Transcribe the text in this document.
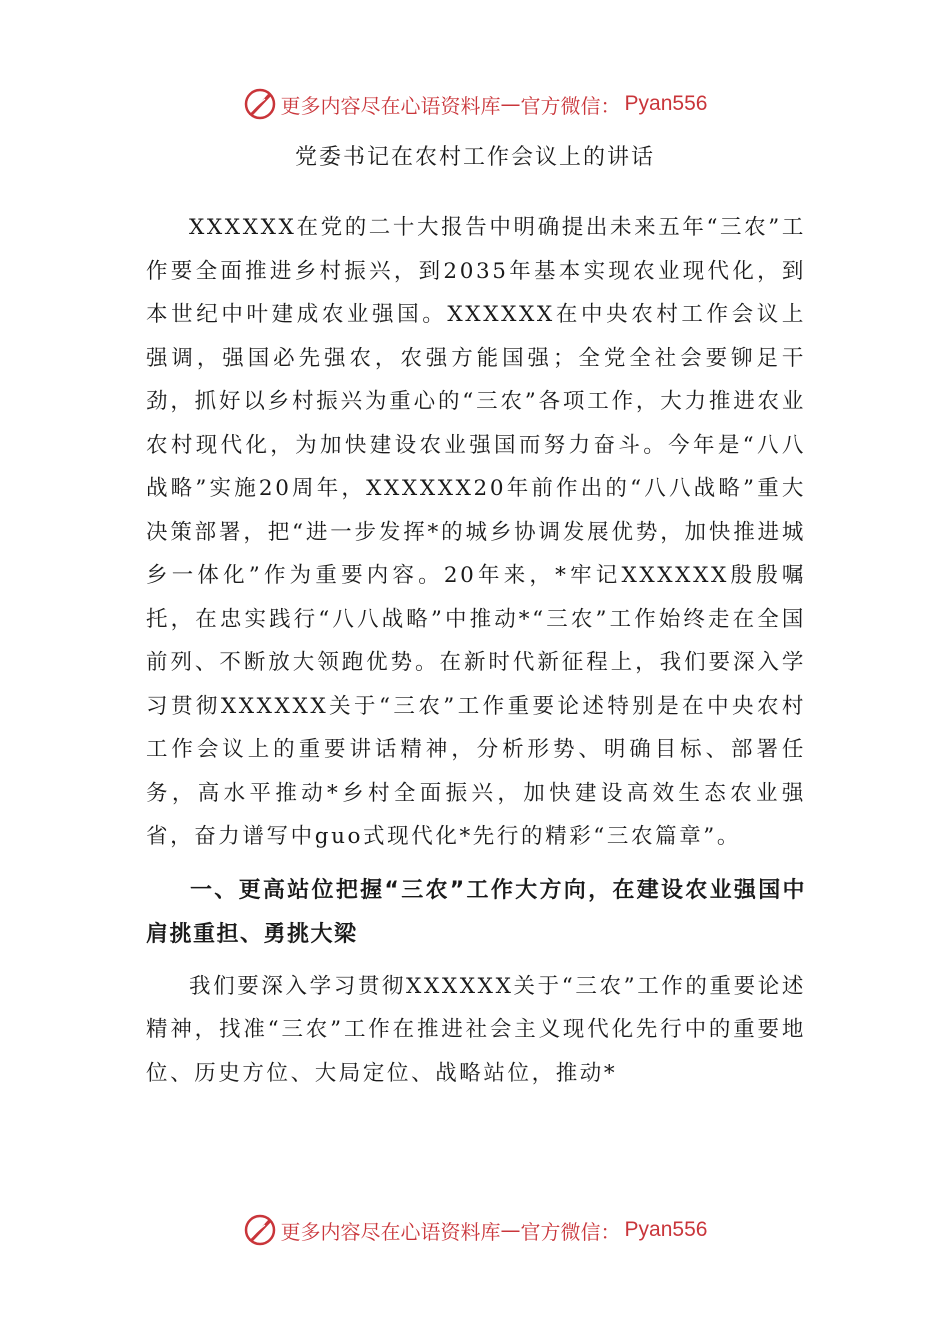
更多内容尽在心语资料库 — 官方微信： Pyan556
党委书记在农村工作会议上的讲话

XXXXXX在党的二十大报告中明确提出未来五年“三农”工作要全面推进乡村振兴，到2035年基本实现农业现代化，到本世纪中叶建成农业强国。XXXXXX在中央农村工作会议上强调，强国必先强农，农强方能国强；全党全社会要铆足干劲，抓好以乡村振兴为重心的“三农”各项工作，大力推进农业农村现代化，为加快建设农业强国而努力奋斗。今年是“八八战略”实施20周年，XXXXXX20年前作出的“八八战略”重大决策部署，把“进一步发挥*的城乡协调发展优势，加快推进城乡一体化”作为重要内容。20年来，*牢记XXXXXX殷殷嘱托，在忠实践行“八八战略”中推动*“三农”工作始终走在全国前列、不断放大领跑优势。在新时代新征程上，我们要深入学习贯彻XXXXXX关于“三农”工作重要论述特别是在中央农村工作会议上的重要讲话精神，分析形势、明确目标、部署任务，高水平推动*乡村全面振兴，加快建设高效生态农业强省，奋力谱写中guo式现代化*先行的精彩“三农篇章”。

一、更高站位把握“三农”工作大方向，在建设农业强国中肩挑重担、勇挑大梁

我们要深入学习贯彻XXXXXX关于“三农”工作的重要论述精神，找准“三农”工作在推进社会主义现代化先行中的重要地位、历史方位、大局定位、战略站位，推动*

更多内容尽在心语资料库 — 官方微信： Pyan556
